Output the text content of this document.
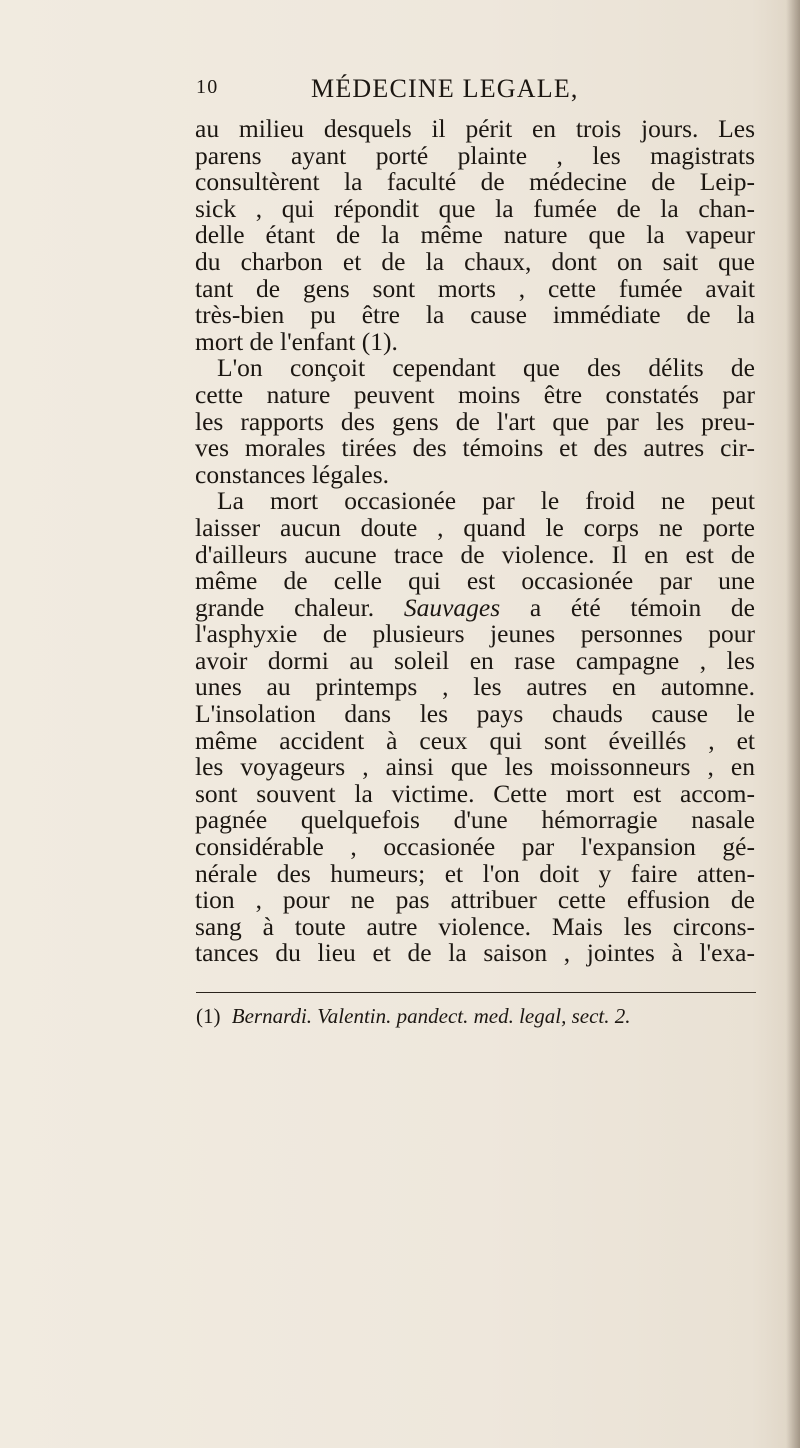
10	MÉDECINE LEGALE,
au milieu desquels il périt en trois jours. Les
parens ayant porté plainte , les magistrats
consultèrent la faculté de médecine de Leip-
sick , qui répondit que la fumée de la chan-
delle étant de la même nature que la vapeur
du charbon et de la chaux, dont on sait que
tant de gens sont morts , cette fumée avait
très-bien pu être la cause immédiate de la
mort de l'enfant (1).
L'on conçoit cependant que des délits de
cette nature peuvent moins être constatés par
les rapports des gens de l'art que par les preu-
ves morales tirées des témoins et des autres cir-
constances légales.
La mort occasionée par le froid ne peut
laisser aucun doute , quand le corps ne porte
d'ailleurs aucune trace de violence. Il en est de
même de celle qui est occasionée par une
grande chaleur. Sauvages a été témoin de
l'asphyxie de plusieurs jeunes personnes pour
avoir dormi au soleil en rase campagne , les
unes au printemps , les autres en automne.
L'insolation dans les pays chauds cause le
même accident à ceux qui sont éveillés , et
les voyageurs , ainsi que les moissonneurs , en
sont souvent la victime. Cette mort est accom-
pagnée quelquefois d'une hémorragie nasale
considérable , occasionée par l'expansion gé-
nérale des humeurs; et l'on doit y faire atten-
tion , pour ne pas attribuer cette effusion de
sang à toute autre violence. Mais les circons-
tances du lieu et de la saison , jointes à l'exa-
(1) Bernardi. Valentin. pandect. med. legal, sect. 2.
